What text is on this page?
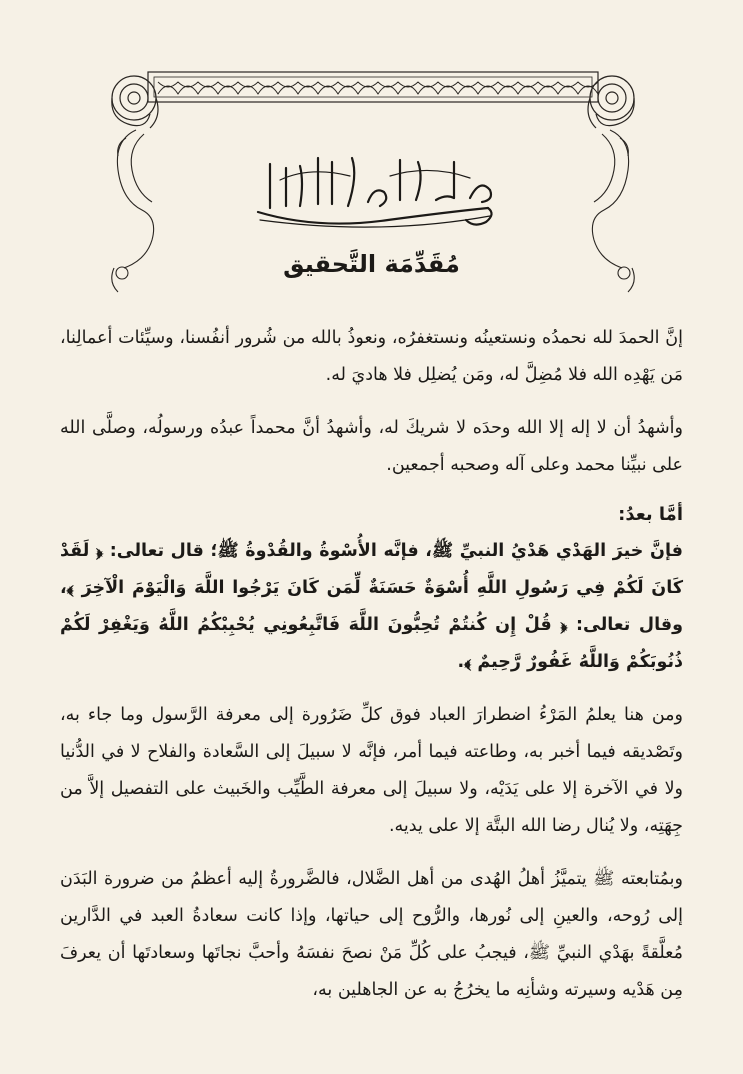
مُقَدِّمَة التَّحقيق

إنَّ الحمدَ لله نحمدُه ونستعينُه ونستغفرُه، ونعوذُ بالله من شُرور أنفُسنا، وسيِّئات أعمالِنا، مَن يَهْدِه الله فلا مُضِلَّ له، ومَن يُضلِل فلا هاديَ له.

وأشهدُ أن لا إله إلا الله وحدَه لا شريكَ له، وأشهدُ أنَّ محمداً عبدُه ورسولُه، وصلَّى الله على نبيِّنا محمد وعلى آله وصحبه أجمعين.

أمَّا بعدُ:

فإنَّ خيرَ الهَدْي هَدْيُ النبيِّ ﷺ، فإنَّه الأُسْوةُ والقُدْوةُ ﷺ؛ قال تعالى: ﴿ لَقَدْ كَانَ لَكُمْ فِي رَسُولِ اللَّهِ أُسْوَةٌ حَسَنَةٌ لِّمَن كَانَ يَرْجُوا اللَّهَ وَالْيَوْمَ الْآخِرَ ﴾، وقال تعالى: ﴿ قُلْ إِن كُنتُمْ تُحِبُّونَ اللَّهَ فَاتَّبِعُونِي يُحْبِبْكُمُ اللَّهُ وَيَغْفِرْ لَكُمْ ذُنُوبَكُمْ وَاللَّهُ غَفُورٌ رَّحِيمٌ ﴾.

ومن هنا يعلمُ المَرْءُ اضطرارَ العباد فوق كلِّ ضَرُورة إلى معرفة الرَّسول وما جاء به، وتَصْديقه فيما أخبر به، وطاعته فيما أمر، فإنَّه لا سبيلَ إلى السَّعادة والفلاح لا في الدُّنيا ولا في الآخرة إلا على يَدَيْه، ولا سبيلَ إلى معرفة الطَّيِّب والخَبيث على التفصيل إلاَّ من جِهَتِه، ولا يُنال رضا الله البتَّة إلا على يديه.

وبمُتابعته ﷺ يتميَّزُ أهلُ الهُدى من أهل الضَّلال، فالضَّرورةُ إليه أعظمُ من ضرورة البَدَن إلى رُوحه، والعينِ إلى نُورها، والرُّوح إلى حياتها، وإذا كانت سعادةُ العبد في الدَّارين مُعلَّقةً بهَدْي النبيِّ ﷺ، فيجبُ على كُلِّ مَنْ نصحَ نفسَهُ وأحبَّ نجاتَها وسعادتَها أن يعرفَ مِن هَدْيه وسيرته وشأنِه ما يخرُجُ به عن الجاهلين به،
